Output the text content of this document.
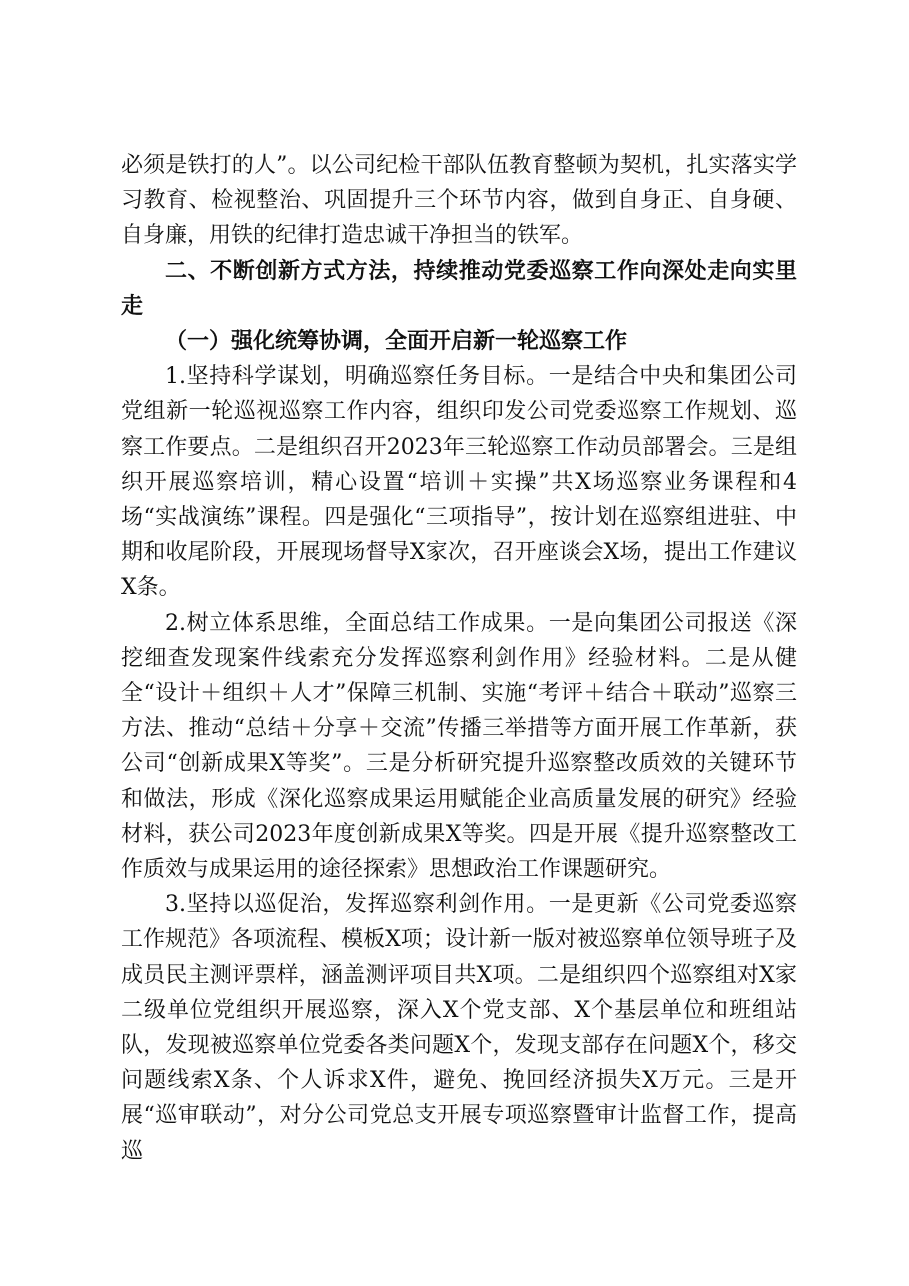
必须是铁打的人”。以公司纪检干部队伍教育整顿为契机，扎实落实学习教育、检视整治、巩固提升三个环节内容，做到自身正、自身硬、自身廉，用铁的纪律打造忠诚干净担当的铁军。

二、不断创新方式方法，持续推动党委巡察工作向深处走向实里走

（一）强化统筹协调，全面开启新一轮巡察工作

1.坚持科学谋划，明确巡察任务目标。一是结合中央和集团公司党组新一轮巡视巡察工作内容，组织印发公司党委巡察工作规划、巡察工作要点。二是组织召开2023年三轮巡察工作动员部署会。三是组织开展巡察培训，精心设置“培训＋实操”共X场巡察业务课程和4场“实战演练”课程。四是强化“三项指导”，按计划在巡察组进驻、中期和收尾阶段，开展现场督导X家次，召开座谈会X场，提出工作建议X条。

2.树立体系思维，全面总结工作成果。一是向集团公司报送《深挖细查发现案件线索充分发挥巡察利剑作用》经验材料。二是从健全“设计＋组织＋人才”保障三机制、实施“考评＋结合＋联动”巡察三方法、推动“总结＋分享＋交流”传播三举措等方面开展工作革新，获公司“创新成果X等奖”。三是分析研究提升巡察整改质效的关键环节和做法，形成《深化巡察成果运用赋能企业高质量发展的研究》经验材料，获公司2023年度创新成果X等奖。四是开展《提升巡察整改工作质效与成果运用的途径探索》思想政治工作课题研究。

3.坚持以巡促治，发挥巡察利剑作用。一是更新《公司党委巡察工作规范》各项流程、模板X项；设计新一版对被巡察单位领导班子及成员民主测评票样，涵盖测评项目共X项。二是组织四个巡察组对X家二级单位党组织开展巡察，深入X个党支部、X个基层单位和班组站队，发现被巡察单位党委各类问题X个，发现支部存在问题X个，移交问题线索X条、个人诉求X件，避免、挽回经济损失X万元。三是开展“巡审联动”，对分公司党总支开展专项巡察暨审计监督工作，提高巡
